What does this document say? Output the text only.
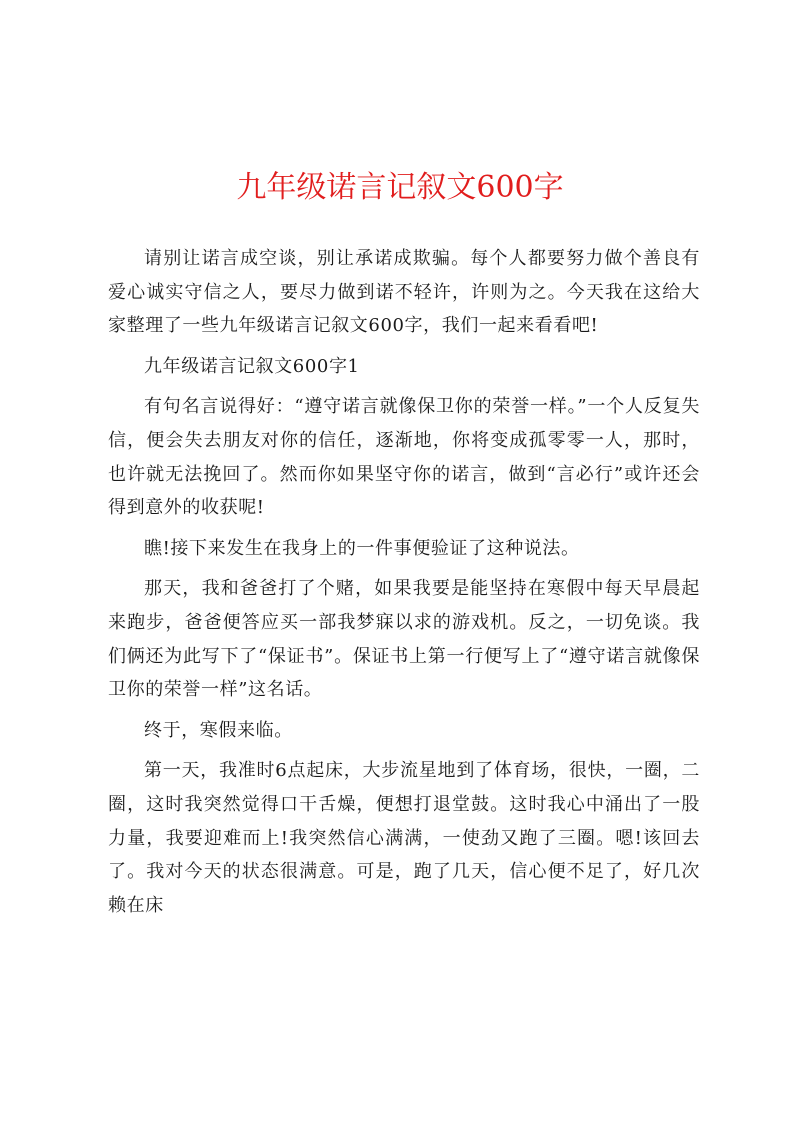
九年级诺言记叙文600字

请别让诺言成空谈，别让承诺成欺骗。每个人都要努力做个善良有爱心诚实守信之人，要尽力做到诺不轻许，许则为之。今天我在这给大家整理了一些九年级诺言记叙文600字，我们一起来看看吧!

九年级诺言记叙文600字1

有句名言说得好：“遵守诺言就像保卫你的荣誉一样。”一个人反复失信，便会失去朋友对你的信任，逐渐地，你将变成孤零零一人，那时，也许就无法挽回了。然而你如果坚守你的诺言，做到“言必行”或许还会得到意外的收获呢!

瞧!接下来发生在我身上的一件事便验证了这种说法。

那天，我和爸爸打了个赌，如果我要是能坚持在寒假中每天早晨起来跑步，爸爸便答应买一部我梦寐以求的游戏机。反之，一切免谈。我们俩还为此写下了“保证书”。保证书上第一行便写上了“遵守诺言就像保卫你的荣誉一样”这名话。

终于，寒假来临。

第一天，我准时6点起床，大步流星地到了体育场，很快，一圈，二圈，这时我突然觉得口干舌燥，便想打退堂鼓。这时我心中涌出了一股力量，我要迎难而上!我突然信心满满，一使劲又跑了三圈。嗯!该回去了。我对今天的状态很满意。可是，跑了几天，信心便不足了，好几次赖在床
